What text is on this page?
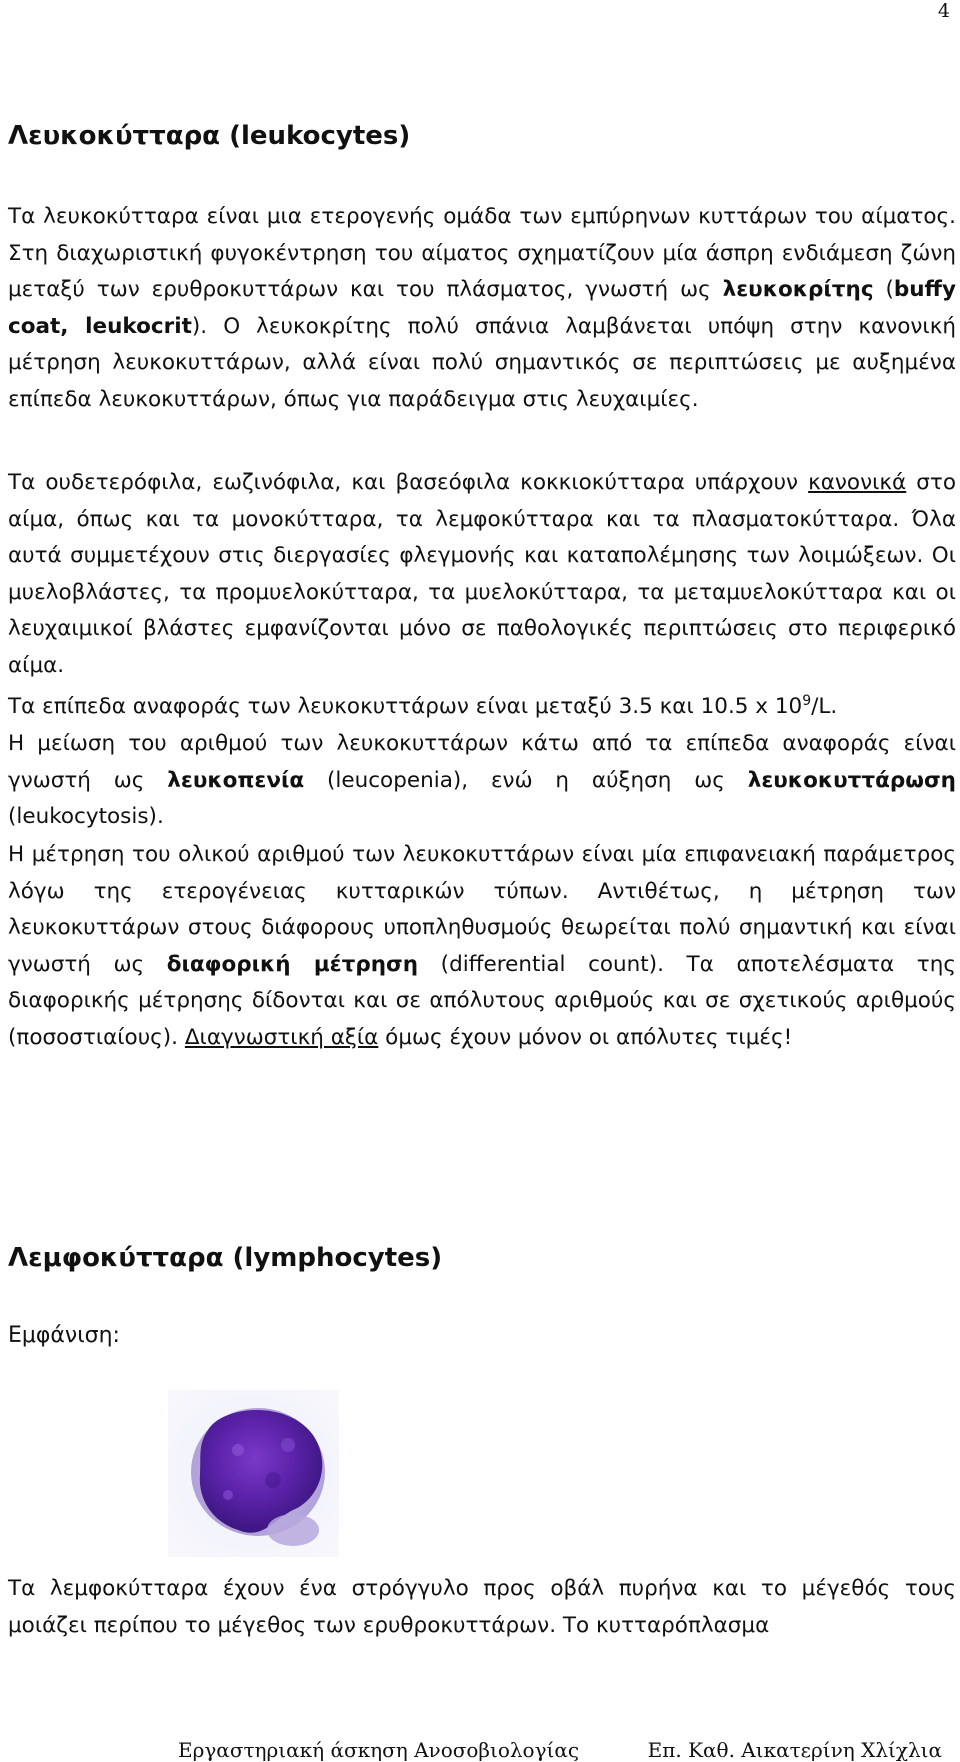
4
Λευκοκύτταρα (leukocytes)

Τα λευκοκύτταρα είναι μια ετερογενής ομάδα των εμπύρηνων κυττάρων του αίματος. Στη διαχωριστική φυγοκέντρηση του αίματος σχηματίζουν μία άσπρη ενδιάμεση ζώνη μεταξύ των ερυθροκυττάρων και του πλάσματος, γνωστή ως λευκοκρίτης (buffy coat, leukocrit). Ο λευκοκρίτης πολύ σπάνια λαμβάνεται υπόψη στην κανονική μέτρηση λευκοκυττάρων, αλλά είναι πολύ σημαντικός σε περιπτώσεις με αυξημένα επίπεδα λευκοκυττάρων, όπως για παράδειγμα στις λευχαιμίες.

Τα ουδετερόφιλα, εωζινόφιλα, και βασεόφιλα κοκκιοκύτταρα υπάρχουν κανονικά στο αίμα, όπως και τα μονοκύτταρα, τα λεμφοκύτταρα και τα πλασματοκύτταρα. Όλα αυτά συμμετέχουν στις διεργασίες φλεγμονής και καταπολέμησης των λοιμώξεων. Οι μυελοβλάστες, τα προμυελοκύτταρα, τα μυελοκύτταρα, τα μεταμυελοκύτταρα και οι λευχαιμικοί βλάστες εμφανίζονται μόνο σε παθολογικές περιπτώσεις στο περιφερικό αίμα.

Τα επίπεδα αναφοράς των λευκοκυττάρων είναι μεταξύ 3.5 και 10.5 x $10^9/L$.

Η μείωση του αριθμού των λευκοκυττάρων κάτω από τα επίπεδα αναφοράς είναι γνωστή ως λευκοπενία (leucopenia), ενώ η αύξηση ως λευκοκυττάρωση (leukocytosis).

Η μέτρηση του ολικού αριθμού των λευκοκυττάρων είναι μία επιφανειακή παράμετρος λόγω της ετερογένειας κυτταρικών τύπων. Αντιθέτως, η μέτρηση των λευκοκυττάρων στους διάφορους υποπληθυσμούς θεωρείται πολύ σημαντική και είναι γνωστή ως διαφορική μέτρηση (differential count). Τα αποτελέσματα της διαφορικής μέτρησης δίδονται και σε απόλυτους αριθμούς και σε σχετικούς αριθμούς (ποσοστιαίους). Διαγνωστική αξία όμως έχουν μόνον οι απόλυτες τιμές!

Λεμφοκύτταρα (lymphocytes)
Εμφάνιση:

Τα λεμφοκύτταρα έχουν ένα στρόγγυλο προς οβάλ πυρήνα και το μέγεθός τους μοιάζει περίπου το μέγεθος των ερυθροκυττάρων. Το κυτταρόπλασμα

Εργαστηριακή άσκηση Ανοσοβιολογίας	Επ. Καθ. Αικατερίνη Χλίχλια
